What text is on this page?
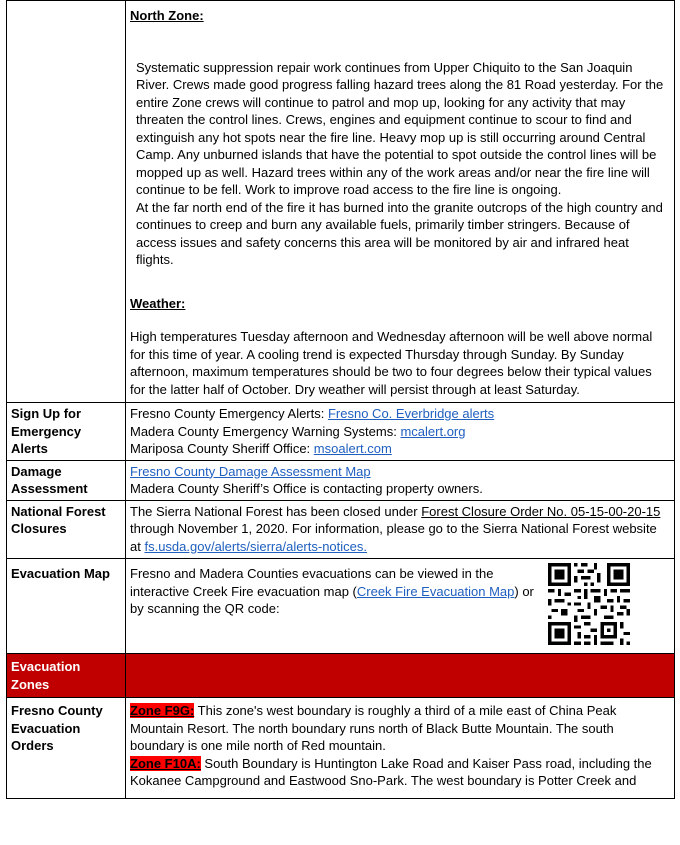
	North Zone:

Systematic suppression repair work continues from Upper Chiquito to the San Joaquin River. Crews made good progress falling hazard trees along the 81 Road yesterday. For the entire Zone crews will continue to patrol and mop up, looking for any activity that may threaten the control lines. Crews, engines and equipment continue to scour to find and extinguish any hot spots near the fire line. Heavy mop up is still occurring around Central Camp. Any unburned islands that have the potential to spot outside the control lines will be mopped up as well. Hazard trees within any of the work areas and/or near the fire line will continue to be fell. Work to improve road access to the fire line is ongoing.

At the far north end of the fire it has burned into the granite outcrops of the high country and continues to creep and burn any available fuels, primarily timber stringers. Because of access issues and safety concerns this area will be monitored by air and infrared heat flights.

Weather:

High temperatures Tuesday afternoon and Wednesday afternoon will be well above normal for this time of year. A cooling trend is expected Thursday through Sunday. By Sunday afternoon, maximum temperatures should be two to four degrees below their typical values for the latter half of October. Dry weather will persist through at least Saturday.

Sign Up for Emergency Alerts	Fresno County Emergency Alerts: Fresno Co. Everbridge alerts
Madera County Emergency Warning Systems: mcalert.org
Mariposa County Sheriff Office: msoalert.com

Damage Assessment	Fresno County Damage Assessment Map
Madera County Sheriff’s Office is contacting property owners.

National Forest Closures	The Sierra National Forest has been closed under Forest Closure Order No. 05-15-00-20-15 through November 1, 2020. For information, please go to the Sierra National Forest website at fs.usda.gov/alerts/sierra/alerts-notices.
Evacuation Map	Fresno and Madera Counties evacuations can be viewed in the interactive Creek Fire evacuation map (Creek Fire Evacuation Map) or by scanning the QR code:

Evacuation Zones	
Fresno County Evacuation Orders	Zone F9G: This zone's west boundary is roughly a third of a mile east of China Peak Mountain Resort. The north boundary runs north of Black Butte Mountain. The south boundary is one mile north of Red mountain.
Zone F10A: South Boundary is Huntington Lake Road and Kaiser Pass road, including the Kokanee Campground and Eastwood Sno-Park. The west boundary is Potter Creek and
